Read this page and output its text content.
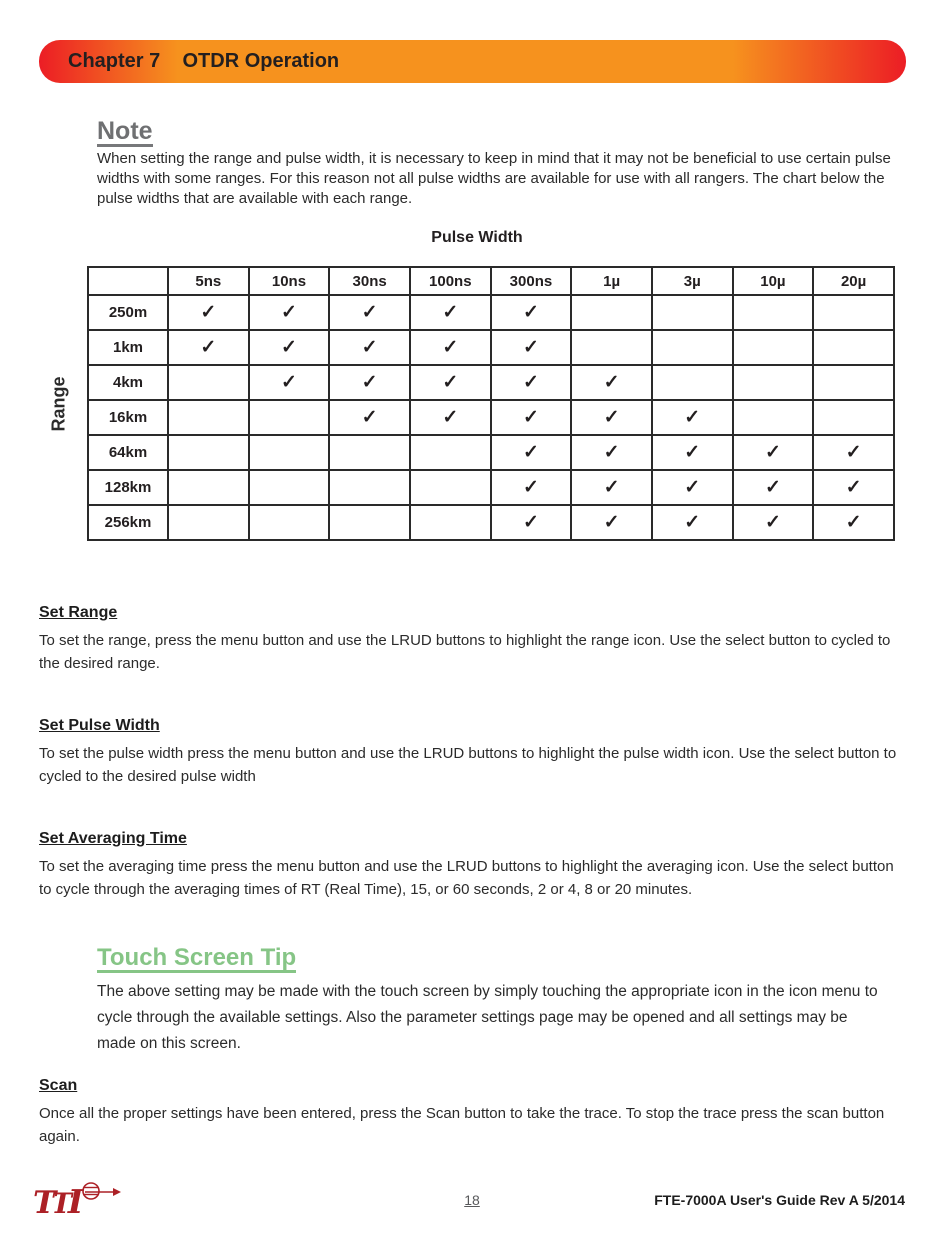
Chapter 7    OTDR Operation
Note
When setting the range and pulse width, it is necessary to keep in mind that it may not be beneficial to use certain pulse widths with some ranges. For this reason not all pulse widths are available for use with all rangers. The chart below the pulse widths that are available with each range.
Pulse Width
Range
	5ns	10ns	30ns	100ns	300ns	1µ	3µ	10µ	20µ
250m	✓	✓	✓	✓	✓				
1km	✓	✓	✓	✓	✓				
4km		✓	✓	✓	✓	✓			
16km			✓	✓	✓	✓	✓		
64km					✓	✓	✓	✓	✓
128km					✓	✓	✓	✓	✓
256km					✓	✓	✓	✓	✓
Set Range
To set the range, press the menu button and use the LRUD buttons to highlight the range icon. Use the select button to cycled to the desired range.
Set Pulse Width
To set the pulse width press the menu button and use the LRUD buttons to highlight the pulse width icon. Use the select button to cycled to the desired pulse width
Set Averaging Time
To set the averaging time press the menu button and use the LRUD buttons to highlight the averaging icon. Use the select button to cycle through the averaging times of RT (Real Time), 15, or 60 seconds, 2 or 4, 8 or 20 minutes.
Touch Screen Tip
The above setting may be made with the touch screen by simply touching the appropriate icon in the icon menu to cycle through the available settings. Also the parameter settings page may be opened and all settings may be made on this screen.
Scan
Once all the proper settings have been entered, press the Scan button to take the trace. To stop the trace press the scan button again.
TTI	18	FTE-7000A User's Guide Rev A 5/2014
